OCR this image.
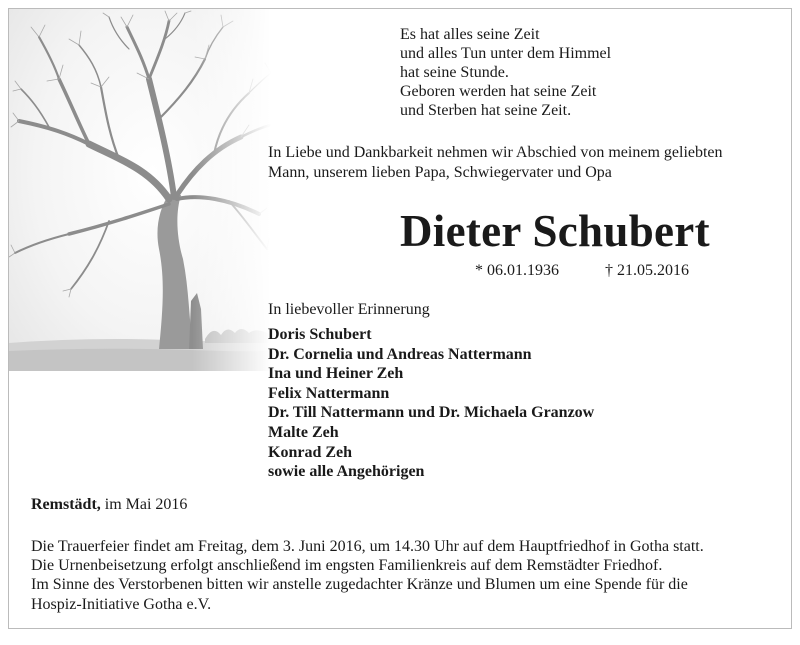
Es hat alles seine Zeit
und alles Tun unter dem Himmel
hat seine Stunde.
Geboren werden hat seine Zeit
und Sterben hat seine Zeit.
In Liebe und Dankbarkeit nehmen wir Abschied von meinem geliebten
Mann, unserem lieben Papa, Schwiegervater und Opa
Dieter Schubert
* 06.01.1936	† 21.05.2016
In liebevoller Erinnerung
Doris Schubert
Dr. Cornelia und Andreas Nattermann
Ina und Heiner Zeh
Felix Nattermann
Dr. Till Nattermann und Dr. Michaela Granzow
Malte Zeh
Konrad Zeh
sowie alle Angehörigen
Remstädt, im Mai 2016
Die Trauerfeier findet am Freitag, dem 3. Juni 2016, um 14.30 Uhr auf dem Hauptfriedhof in Gotha statt.
Die Urnenbeisetzung erfolgt anschließend im engsten Familienkreis auf dem Remstädter Friedhof.
Im Sinne des Verstorbenen bitten wir anstelle zugedachter Kränze und Blumen um eine Spende für die
Hospiz-Initiative Gotha e.V.
